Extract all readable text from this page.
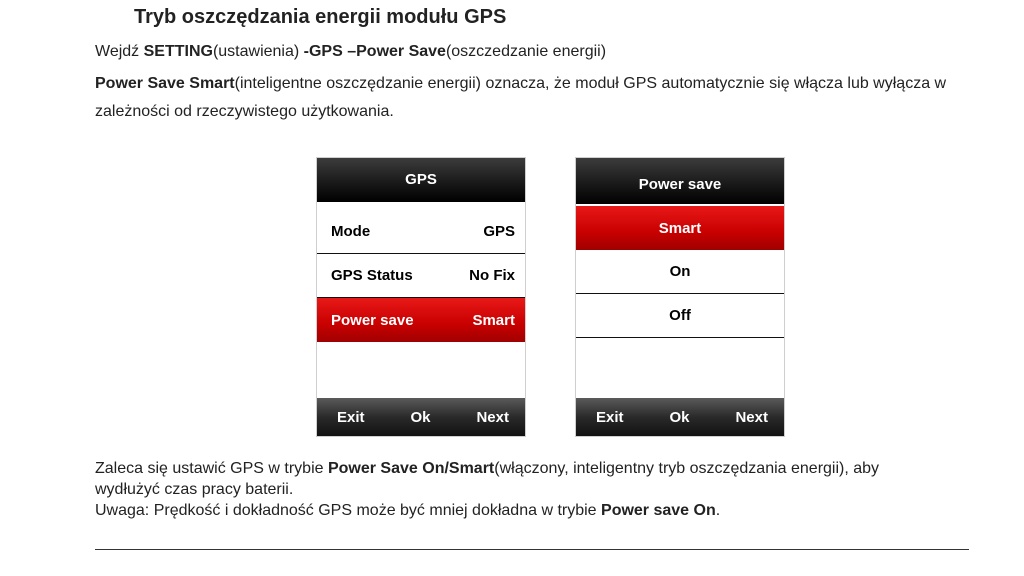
Tryb oszczędzania energii modułu GPS
Wejdź SETTING(ustawienia) -GPS –Power Save(oszczedzanie energii)
Power Save Smart(inteligentne oszczędzanie energii) oznacza, że moduł GPS automatycznie się włącza lub wyłącza w zależności od rzeczywistego użytkowania.
GPS
Mode	GPS
GPS Status	No Fix
Power save	Smart
Exit	Ok	Next
Power save
Smart
On
Off
Exit	Ok	Next
Zaleca się ustawić GPS w trybie Power Save On/Smart(włączony, inteligentny tryb oszczędzania energii), aby wydłużyć czas pracy baterii.
Uwaga: Prędkość i dokładność GPS może być mniej dokładna w trybie Power save On.
